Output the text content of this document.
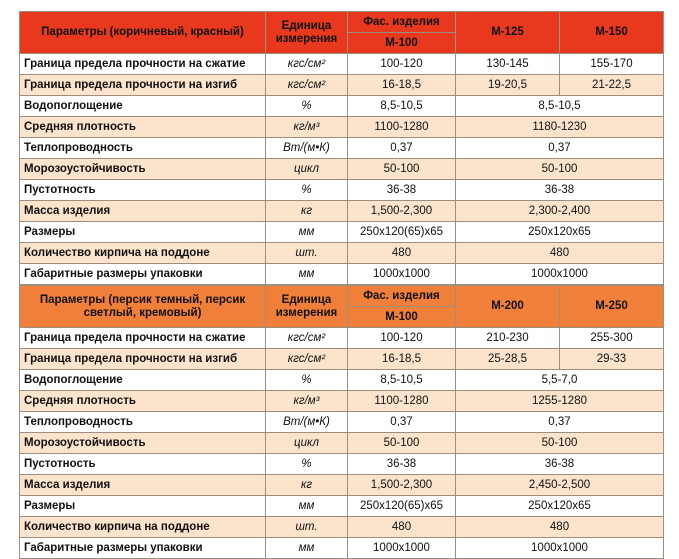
Параметры (коричневый, красный)	Единица измерения	Фас. изделия	М-125	М-150
		М-100		
Граница предела прочности на сжатие	кгс/см²	100-120	130-145	155-170
Граница предела прочности на изгиб	кгс/см²	16-18,5	19-20,5	21-22,5
Водопоглощение	%	8,5-10,5	8,5-10,5	
Средняя плотность	кг/м³	1100-1280	1180-1230	
Теплопроводность	Вт/(м•К)	0,37	0,37	
Морозоустойчивость	цикл	50-100	50-100	
Пустотность	%	36-38	36-38	
Масса изделия	кг	1,500-2,300	2,300-2,400	
Размеры	мм	250х120(65)х65	250х120х65	
Количество кирпича на поддоне	шт.	480	480	
Габаритные размеры упаковки	мм	1000х1000	1000х1000	
Параметры (персик темный, персик светлый, кремовый)	Единица измерения	Фас. изделия	М-200	М-250
		М-100		
Граница предела прочности на сжатие	кгс/см²	100-120	210-230	255-300
Граница предела прочности на изгиб	кгс/см²	16-18,5	25-28,5	29-33
Водопоглощение	%	8,5-10,5	5,5-7,0	
Средняя плотность	кг/м³	1100-1280	1255-1280	
Теплопроводность	Вт/(м•К)	0,37	0,37	
Морозоустойчивость	цикл	50-100	50-100	
Пустотность	%	36-38	36-38	
Масса изделия	кг	1,500-2,300	2,450-2,500	
Размеры	мм	250х120(65)х65	250х120х65	
Количество кирпича на поддоне	шт.	480	480	
Габаритные размеры упаковки	мм	1000х1000	1000х1000	
